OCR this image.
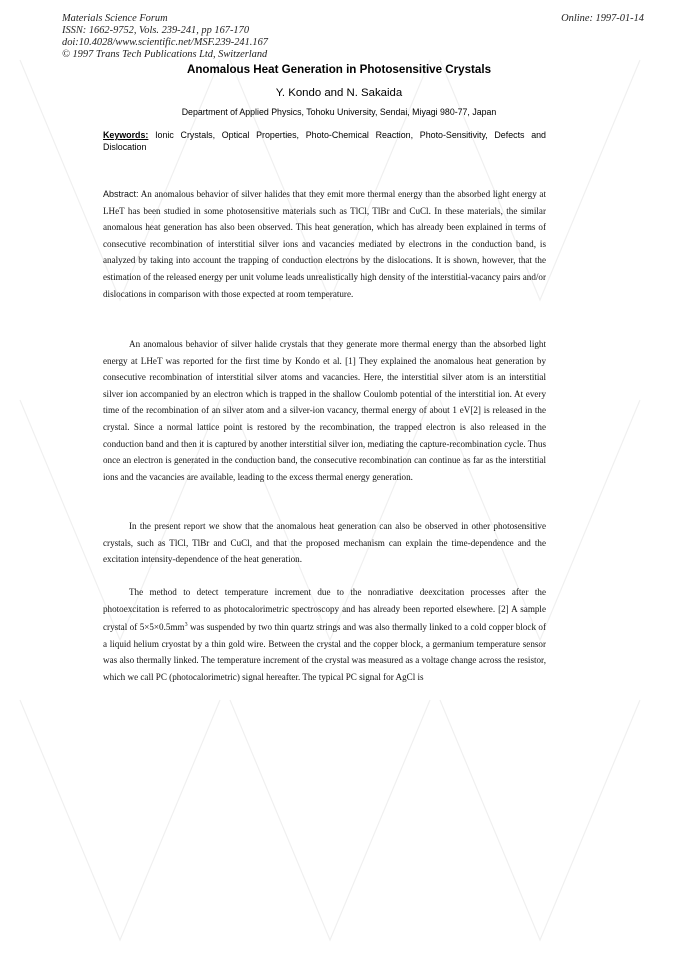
Materials Science Forum
ISSN: 1662-9752, Vols. 239-241, pp 167-170
doi:10.4028/www.scientific.net/MSF.239-241.167
© 1997 Trans Tech Publications Ltd, Switzerland
Online: 1997-01-14
Anomalous Heat Generation in Photosensitive Crystals
Y. Kondo and N. Sakaida
Department of Applied Physics, Tohoku University, Sendai, Miyagi 980-77, Japan
Keywords: Ionic Crystals, Optical Properties, Photo-Chemical Reaction, Photo-Sensitivity, Defects and Dislocation
Abstract: An anomalous behavior of silver halides that they emit more thermal energy than the absorbed light energy at LHeT has been studied in some photosensitive materials such as TlCl, TlBr and CuCl. In these materials, the similar anomalous heat generation has also been observed. This heat generation, which has already been explained in terms of consecutive recombination of interstitial silver ions and vacancies mediated by electrons in the conduction band, is analyzed by taking into account the trapping of conduction electrons by the dislocations. It is shown, however, that the estimation of the released energy per unit volume leads unrealistically high density of the interstitial-vacancy pairs and/or dislocations in comparison with those expected at room temperature.

An anomalous behavior of silver halide crystals that they generate more thermal energy than the absorbed light energy at LHeT was reported for the first time by Kondo et al. [1] They explained the anomalous heat generation by consecutive recombination of interstitial silver atoms and vacancies. Here, the interstitial silver atom is an interstitial silver ion accompanied by an electron which is trapped in the shallow Coulomb potential of the interstitial ion. At every time of the recombination of an silver atom and a silver-ion vacancy, thermal energy of about 1 eV[2] is released in the crystal. Since a normal lattice point is restored by the recombination, the trapped electron is also released in the conduction band and then it is captured by another interstitial silver ion, mediating the capture-recombination cycle. Thus once an electron is generated in the conduction band, the consecutive recombination can continue as far as the interstitial ions and the vacancies are available, leading to the excess thermal energy generation.

In the present report we show that the anomalous heat generation can also be observed in other photosensitive crystals, such as TlCl, TlBr and CuCl, and that the proposed mechanism can explain the time-dependence and the excitation intensity-dependence of the heat generation.

The method to detect temperature increment due to the nonradiative deexcitation processes after the photoexcitation is referred to as photocalorimetric spectroscopy and has already been reported elsewhere. [2] A sample crystal of $5\times 5\times 0.5mm^3$ was suspended by two thin quartz strings and was also thermally linked to a cold copper block of a liquid helium cryostat by a thin gold wire. Between the crystal and the copper block, a germanium temperature sensor was also thermally linked. The temperature increment of the crystal was measured as a voltage change across the resistor, which we call PC (photocalorimetric) signal hereafter. The typical PC signal for AgCl is
